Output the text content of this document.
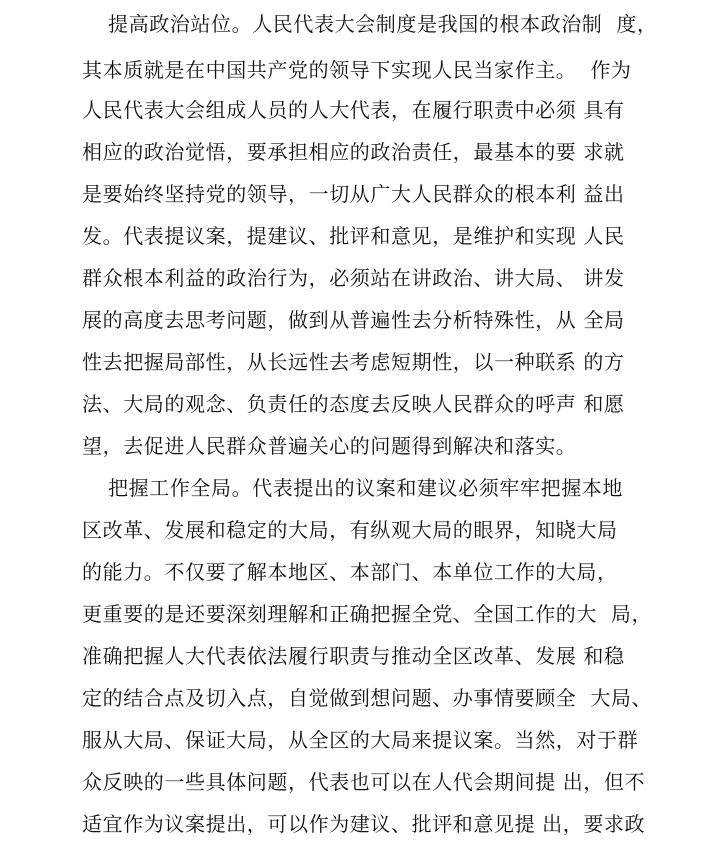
提高政治站位。人民代表大会制度是我国的根本政治制  度，
其本质就是在中国共产党的领导下实现人民当家作主。  作为
人民代表大会组成人员的人大代表，在履行职责中必须 具有
相应的政治觉悟，要承担相应的政治责任，最基本的要 求就
是要始终坚持党的领导，一切从广大人民群众的根本利 益出
发。代表提议案，提建议、批评和意见，是维护和实现 人民
群众根本利益的政治行为，必须站在讲政治、讲大局、 讲发
展的高度去思考问题，做到从普遍性去分析特殊性，从 全局
性去把握局部性，从长远性去考虑短期性，以一种联系 的方
法、大局的观念、负责任的态度去反映人民群众的呼声 和愿
望，去促进人民群众普遍关心的问题得到解决和落实。
把握工作全局。代表提出的议案和建议必须牢牢把握本地
区改革、发展和稳定的大局，有纵观大局的眼界，知晓大局
的能力。不仅要了解本地区、本部门、本单位工作的大局，
更重要的是还要深刻理解和正确把握全党、全国工作的大  局，
准确把握人大代表依法履行职责与推动全区改革、发展 和稳
定的结合点及切入点，自觉做到想问题、办事情要顾全  大局、
服从大局、保证大局，从全区的大局来提议案。当然，对于群
众反映的一些具体问题，代表也可以在人代会期间提 出，但不
适宜作为议案提出，可以作为建议、批评和意见提 出，要求政
